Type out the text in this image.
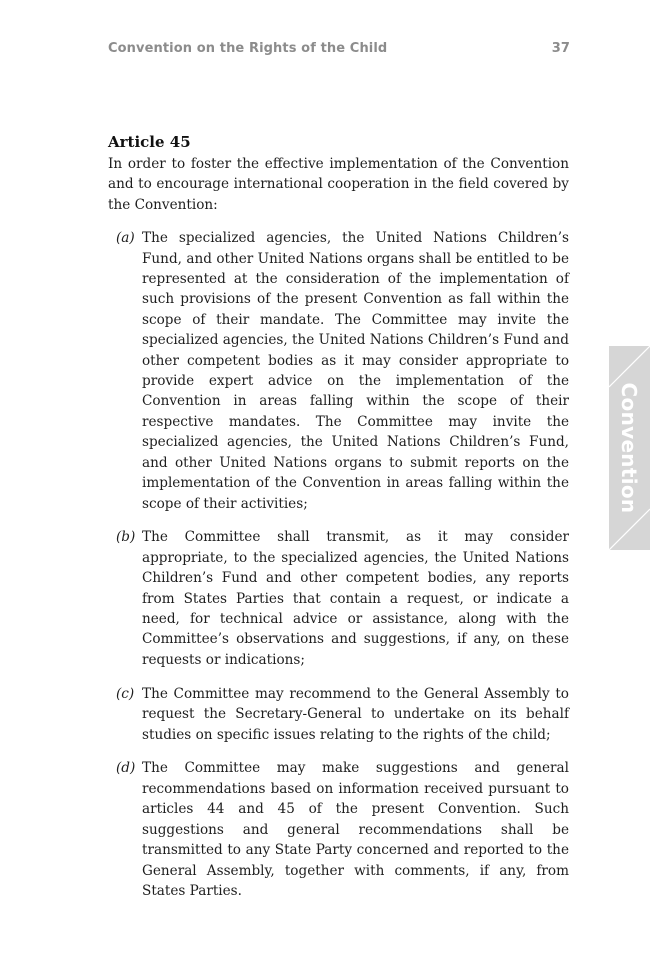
Convention on the Rights of the Child	37
Article 45

In order to foster the effective implementation of the Convention and to encourage international cooperation in the field covered by the Convention:

(a) The specialized agencies, the United Nations Children’s Fund, and other United Nations organs shall be entitled to be represented at the consideration of the implementation of such provisions of the present Convention as fall within the scope of their mandate. The Committee may invite the specialized agencies, the United Nations Children’s Fund and other competent bodies as it may consider appropriate to provide expert advice on the implementation of the Convention in areas falling within the scope of their respective mandates. The Committee may invite the specialized agencies, the United Nations Children’s Fund, and other United Nations organs to submit reports on the implementation of the Convention in areas falling within the scope of their activities;
(b) The Committee shall transmit, as it may consider appropriate, to the specialized agencies, the United Nations Children’s Fund and other competent bodies, any reports from States Parties that contain a request, or indicate a need, for technical advice or assistance, along with the Committee’s observations and suggestions, if any, on these requests or indications;
(c) The Committee may recommend to the General Assembly to request the Secretary-General to undertake on its behalf studies on specific issues relating to the rights of the child;
(d) The Committee may make suggestions and general recommendations based on information received pursuant to articles 44 and 45 of the present Convention. Such suggestions and general recommendations shall be transmitted to any State Party concerned and reported to the General Assembly, together with comments, if any, from States Parties.
Convention
